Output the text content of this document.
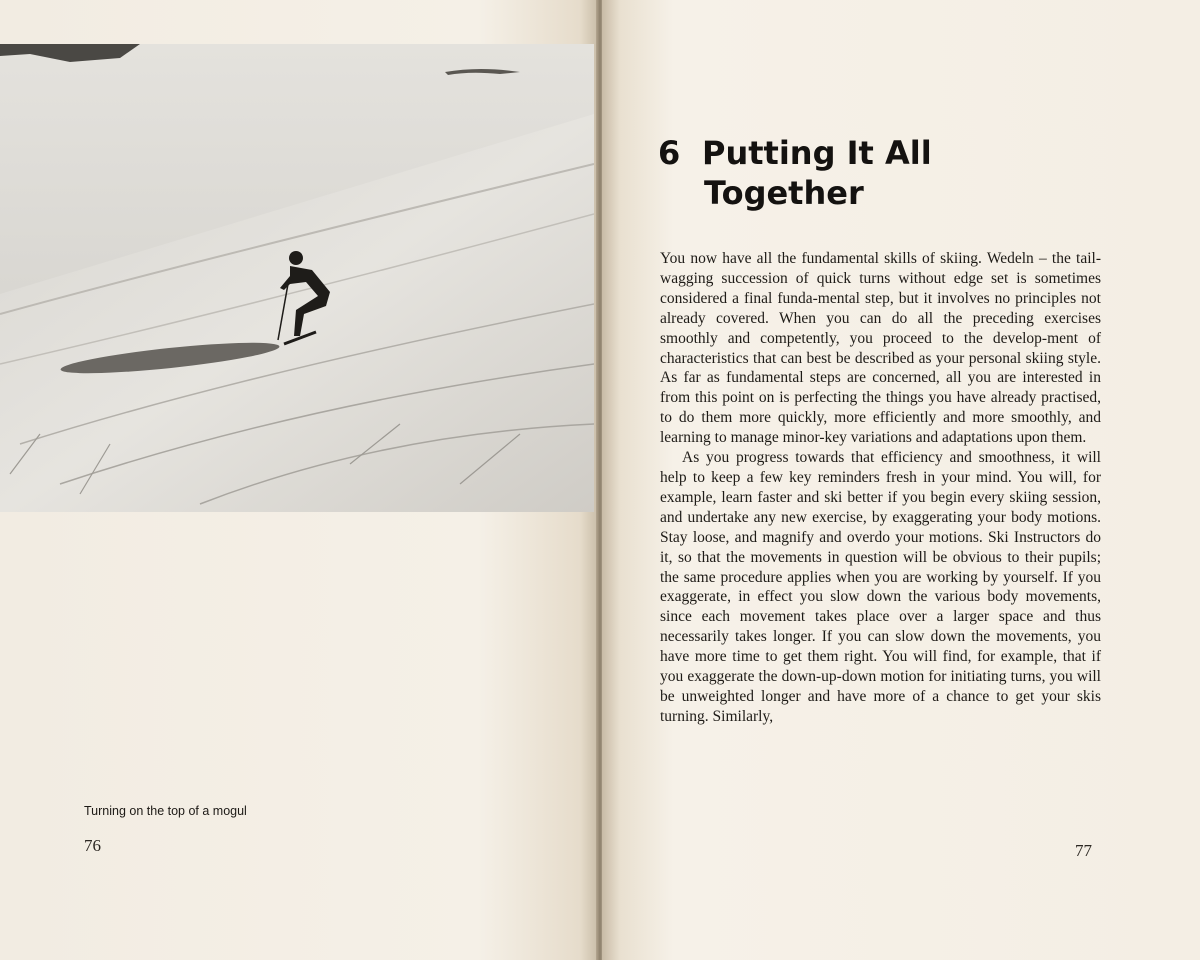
Turning on the top of a mogul
76
6 Putting It All
Together

You now have all the fundamental skills of skiing. Wedeln – the tail-wagging succession of quick turns without edge set is sometimes considered a final funda-mental step, but it involves no principles not already covered. When you can do all the preceding exercises smoothly and competently, you proceed to the develop-ment of characteristics that can best be described as your personal skiing style. As far as fundamental steps are concerned, all you are interested in from this point on is perfecting the things you have already practised, to do them more quickly, more efficiently and more smoothly, and learning to manage minor-key variations and adaptations upon them.

As you progress towards that efficiency and smoothness, it will help to keep a few key reminders fresh in your mind. You will, for example, learn faster and ski better if you begin every skiing session, and undertake any new exercise, by exaggerating your body motions. Stay loose, and magnify and overdo your motions. Ski Instructors do it, so that the movements in question will be obvious to their pupils; the same procedure applies when you are working by yourself. If you exaggerate, in effect you slow down the various body movements, since each movement takes place over a larger space and thus necessarily takes longer. If you can slow down the movements, you have more time to get them right. You will find, for example, that if you exaggerate the down-up-down motion for initiating turns, you will be unweighted longer and have more of a chance to get your skis turning. Similarly,

77
